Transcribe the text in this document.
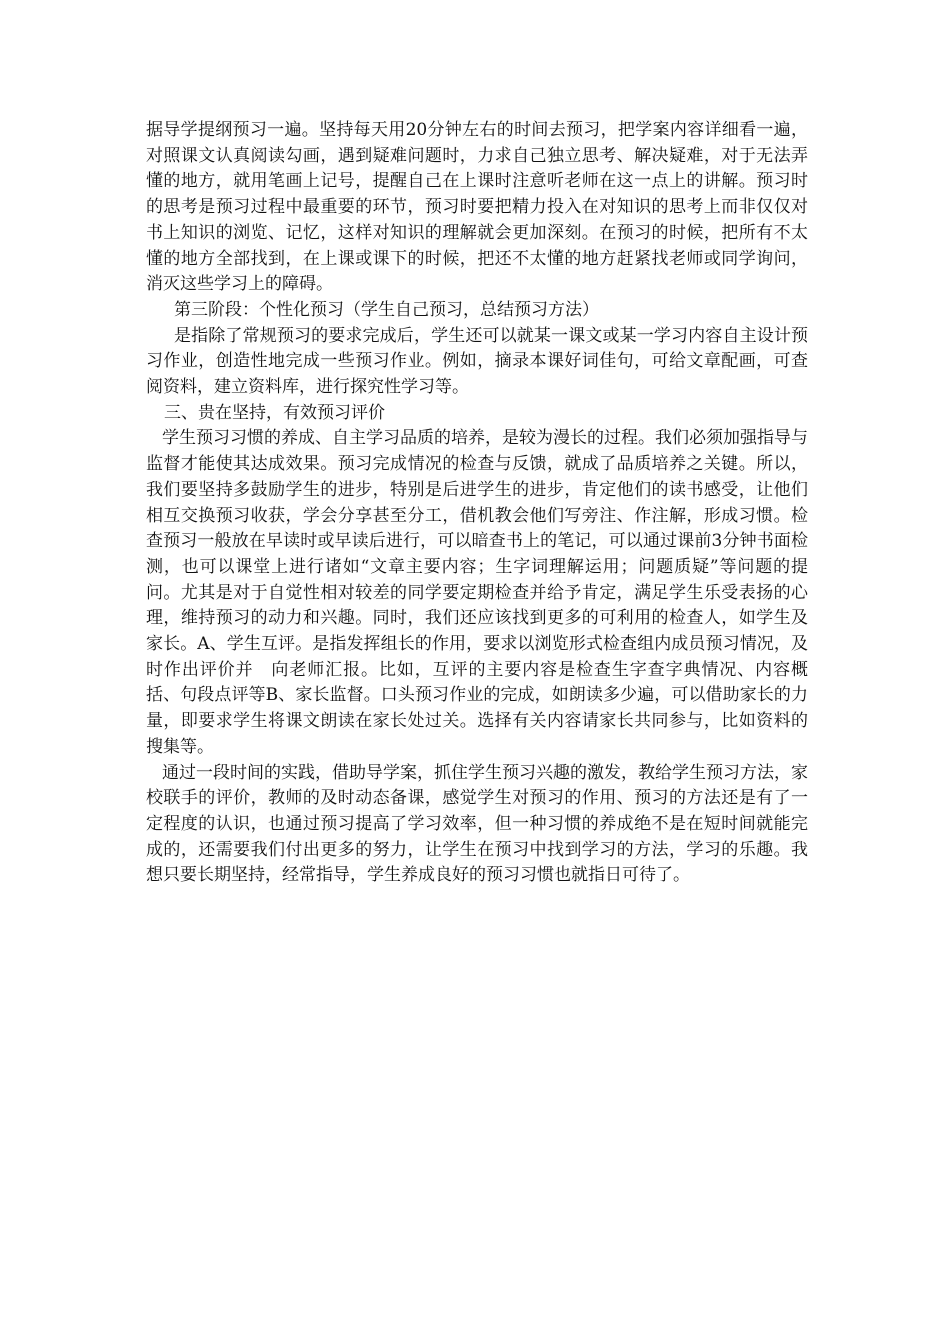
据导学提纲预习一遍。坚持每天用20分钟左右的时间去预习，把学案内容详细看一遍，对照课文认真阅读勾画，遇到疑难问题时，力求自己独立思考、解决疑难，对于无法弄懂的地方，就用笔画上记号，提醒自己在上课时注意听老师在这一点上的讲解。预习时的思考是预习过程中最重要的环节，预习时要把精力投入在对知识的思考上而非仅仅对书上知识的浏览、记忆，这样对知识的理解就会更加深刻。在预习的时候，把所有不太懂的地方全部找到，在上课或课下的时候，把还不太懂的地方赶紧找老师或同学询问，消灭这些学习上的障碍。

第三阶段：个性化预习（学生自己预习，总结预习方法）

是指除了常规预习的要求完成后，学生还可以就某一课文或某一学习内容自主设计预习作业，创造性地完成一些预习作业。例如，摘录本课好词佳句，可给文章配画，可查阅资料，建立资料库，进行探究性学习等。

三、贵在坚持，有效预习评价

学生预习习惯的养成、自主学习品质的培养，是较为漫长的过程。我们必须加强指导与监督才能使其达成效果。预习完成情况的检查与反馈，就成了品质培养之关键。所以，我们要坚持多鼓励学生的进步，特别是后进学生的进步，肯定他们的读书感受，让他们相互交换预习收获，学会分享甚至分工，借机教会他们写旁注、作注解，形成习惯。检查预习一般放在早读时或早读后进行，可以暗查书上的笔记，可以通过课前3分钟书面检测，也可以课堂上进行诸如“文章主要内容；生字词理解运用；问题质疑”等问题的提问。尤其是对于自觉性相对较差的同学要定期检查并给予肯定，满足学生乐受表扬的心理，维持预习的动力和兴趣。同时，我们还应该找到更多的可利用的检查人，如学生及家长。A、学生互评。是指发挥组长的作用，要求以浏览形式检查组内成员预习情况，及时作出评价并　向老师汇报。比如，互评的主要内容是检查生字查字典情况、内容概括、句段点评等B、家长监督。口头预习作业的完成，如朗读多少遍，可以借助家长的力量，即要求学生将课文朗读在家长处过关。选择有关内容请家长共同参与，比如资料的搜集等。

通过一段时间的实践，借助导学案，抓住学生预习兴趣的激发，教给学生预习方法，家校联手的评价，教师的及时动态备课，感觉学生对预习的作用、预习的方法还是有了一定程度的认识，也通过预习提高了学习效率，但一种习惯的养成绝不是在短时间就能完成的，还需要我们付出更多的努力，让学生在预习中找到学习的方法，学习的乐趣。我想只要长期坚持，经常指导，学生养成良好的预习习惯也就指日可待了。
